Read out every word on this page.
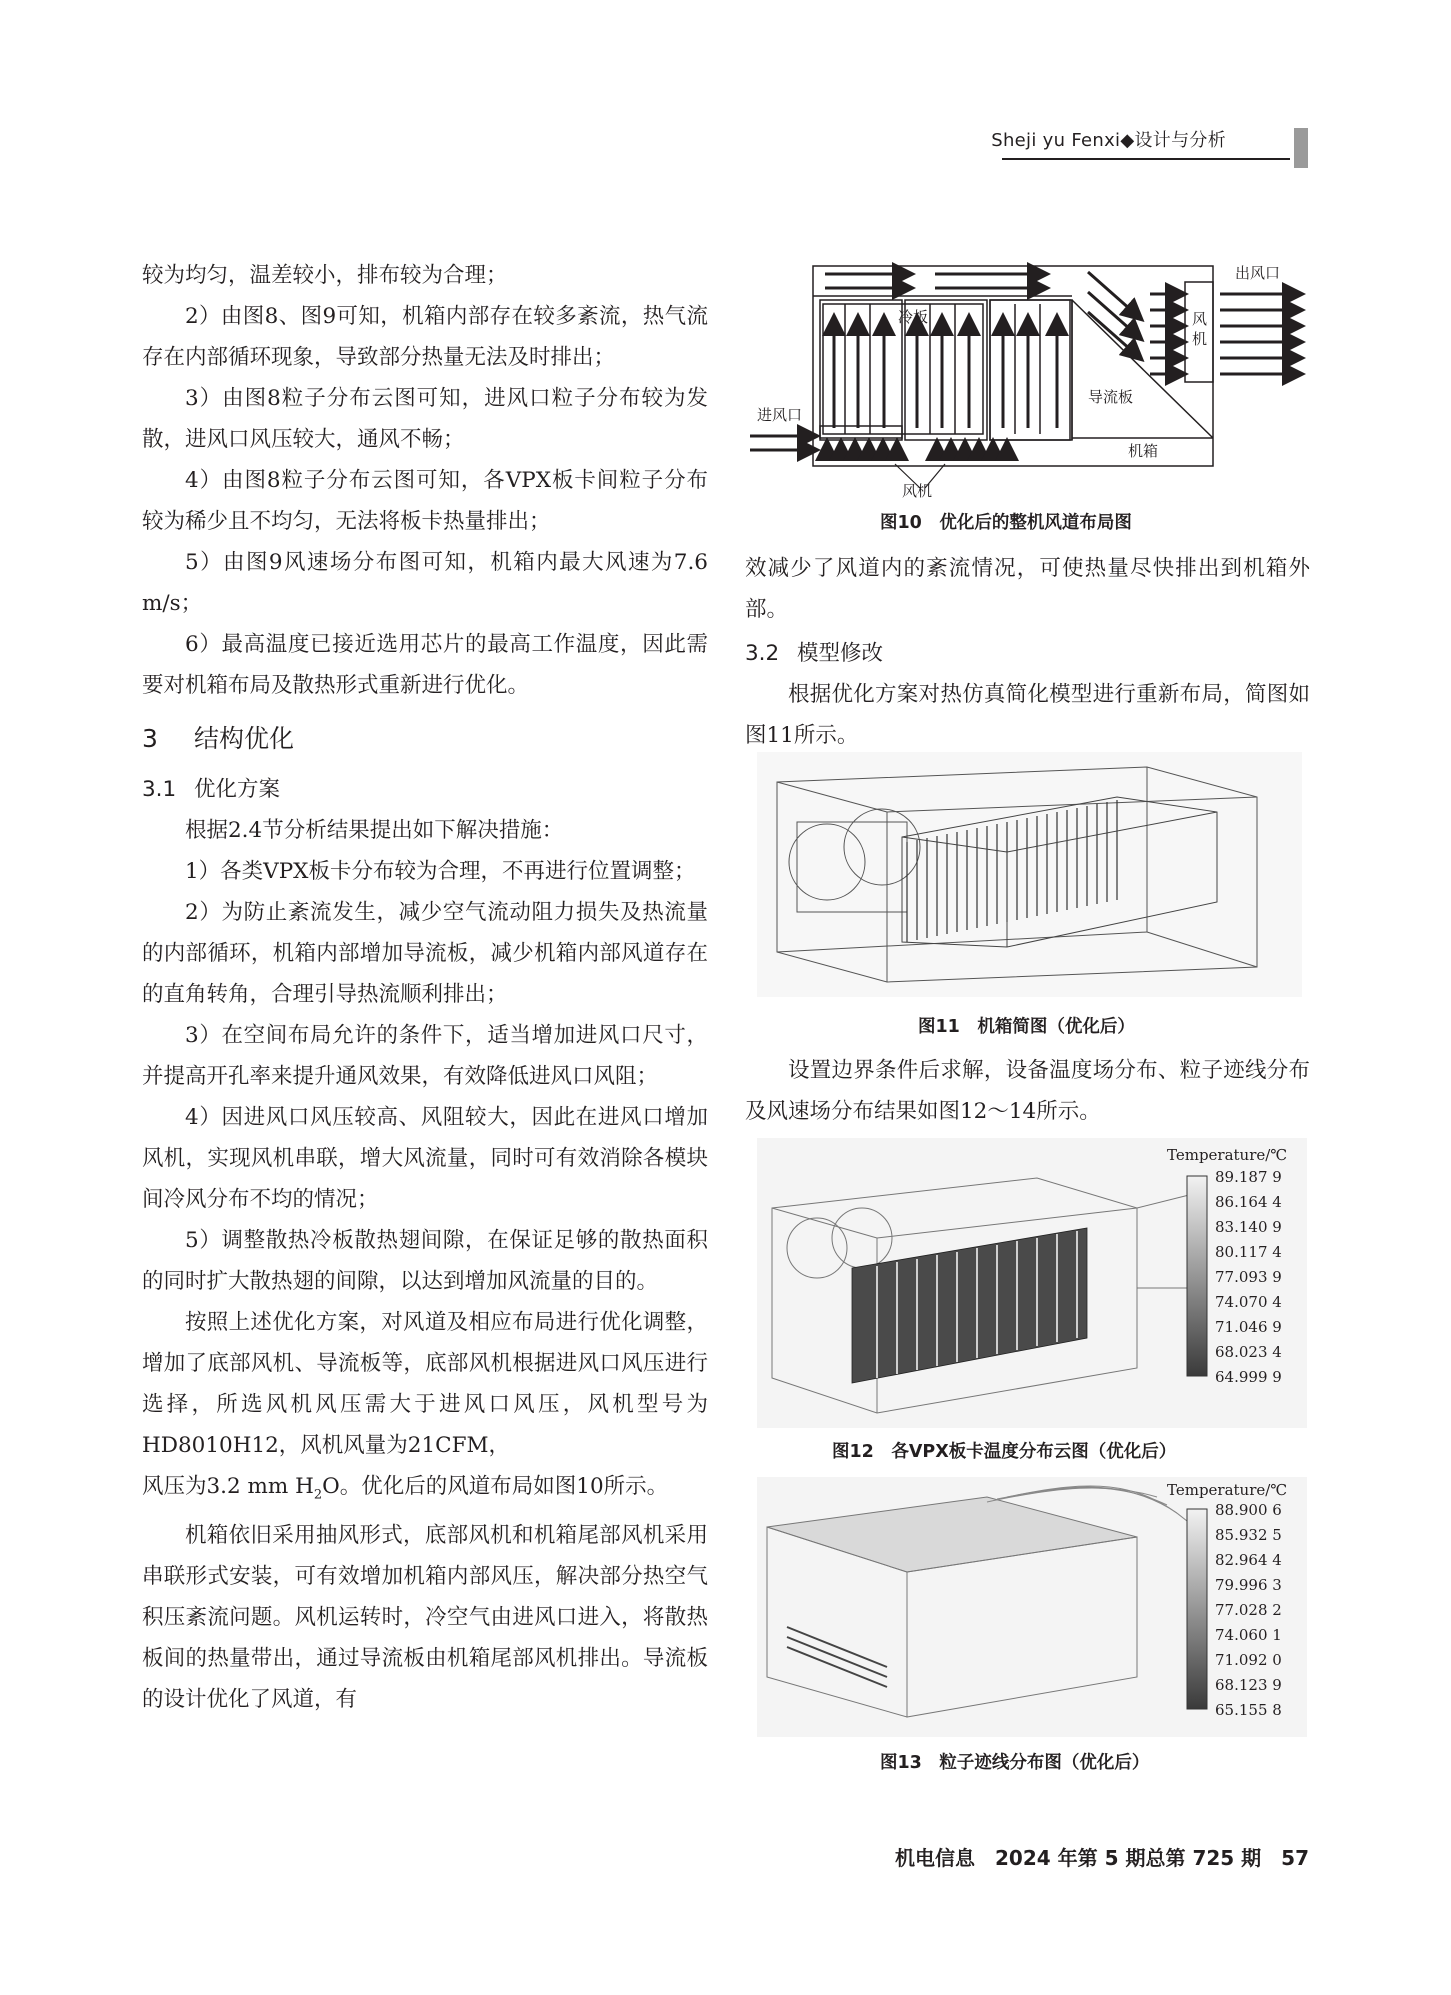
Sheji yu Fenxi◆设计与分析

较为均匀，温差较小，排布较为合理；

2）由图8、图9可知，机箱内部存在较多紊流，热气流存在内部循环现象，导致部分热量无法及时排出；

3）由图8粒子分布云图可知，进风口粒子分布较为发散，进风口风压较大，通风不畅；

4）由图8粒子分布云图可知，各VPX板卡间粒子分布较为稀少且不均匀，无法将板卡热量排出；

5）由图9风速场分布图可知，机箱内最大风速为7.6 m/s；

6）最高温度已接近选用芯片的最高工作温度，因此需要对机箱布局及散热形式重新进行优化。

3 结构优化
3.1 优化方案

根据2.4节分析结果提出如下解决措施：

1）各类VPX板卡分布较为合理，不再进行位置调整；

2）为防止紊流发生，减少空气流动阻力损失及热流量的内部循环，机箱内部增加导流板，减少机箱内部风道存在的直角转角，合理引导热流顺利排出；

3）在空间布局允许的条件下，适当增加进风口尺寸，并提高开孔率来提升通风效果，有效降低进风口风阻；

4）因进风口风压较高、风阻较大，因此在进风口增加风机，实现风机串联，增大风流量，同时可有效消除各模块间冷风分布不均的情况；

5）调整散热冷板散热翅间隙，在保证足够的散热面积的同时扩大散热翅的间隙，以达到增加风流量的目的。

按照上述优化方案，对风道及相应布局进行优化调整，增加了底部风机、导流板等，底部风机根据进风口风压进行选择，所选风机风压需大于进风口风压，风机型号为HD8010H12，风机风量为21CFM，

风压为3.2 mm $H_2O$。优化后的风道布局如图10所示。

机箱依旧采用抽风形式，底部风机和机箱尾部风机采用串联形式安装，可有效增加机箱内部风压，解决部分热空气积压紊流问题。风机运转时，冷空气由进风口进入，将散热板间的热量带出，通过导流板由机箱尾部风机排出。导流板的设计优化了风道，有

出风口
冷板	风
机
导流板
进风口
机箱
风机
图10　优化后的整机风道布局图

效减少了风道内的紊流情况，可使热量尽快排出到机箱外部。

3.2 模型修改

根据优化方案对热仿真简化模型进行重新布局，简图如图11所示。

图11　机箱简图（优化后）

设置边界条件后求解，设备温度场分布、粒子迹线分布及风速场分布结果如图12～14所示。

Temperature/℃
89.187 9
86.164 4
83.140 9
80.117 4
77.093 9
74.070 4
71.046 9
68.023 4
64.999 9
图12　各VPX板卡温度分布云图（优化后）
Temperature/℃
88.900 6
85.932 5
82.964 4
79.996 3
77.028 2
74.060 1
71.092 0
68.123 9
65.155 8
图13　粒子迹线分布图（优化后）
机电信息　2024 年第 5 期总第 725 期　57
